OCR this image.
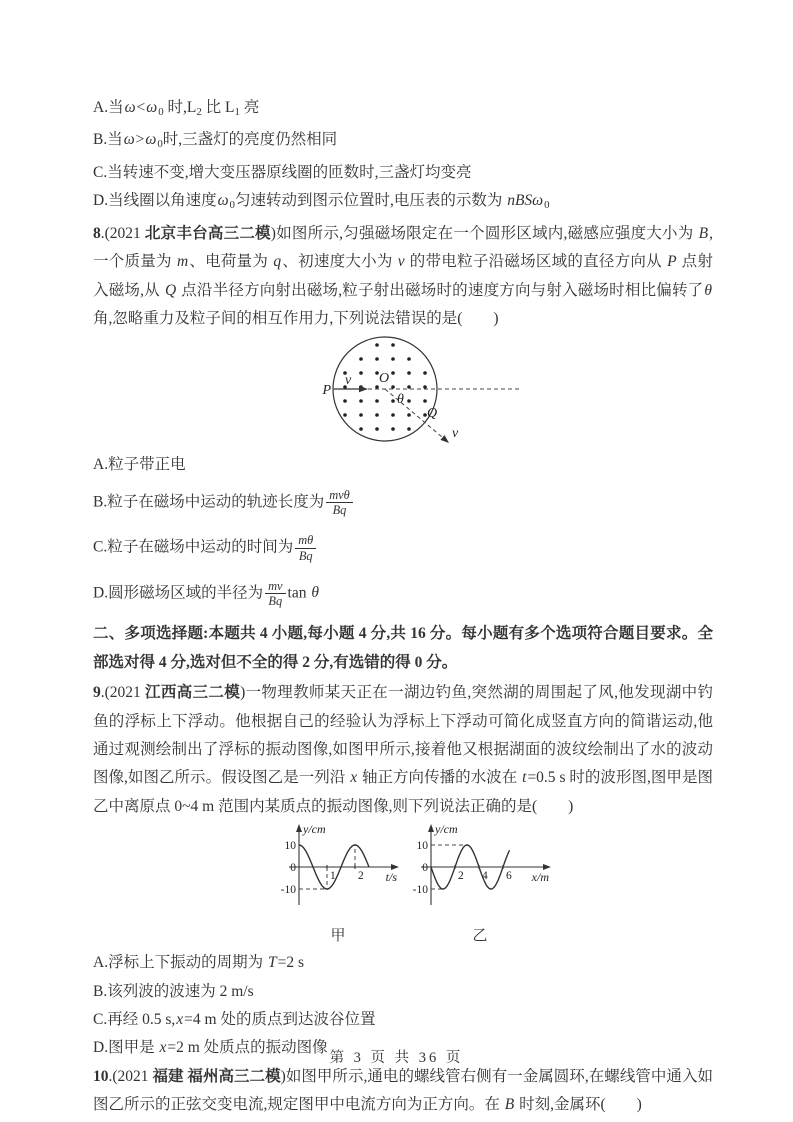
A.当$\omega<\omega_0$ 时$,L_2$ 比 $L_1$ 亮

B.当$\omega>\omega_0$时,三盏灯的亮度仍然相同

C.当转速不变,增大变压器原线圈的匝数时,三盏灯均变亮

D.当线圈以角速度$\omega_0$匀速转动到图示位置时,电压表的示数为 nBSω$_0$

8.(2021 北京丰台高三二模)如图所示,匀强磁场限定在一个圆形区域内,磁感应强度大小为 B,一个质量为 m、电荷量为 q、初速度大小为 v 的带电粒子沿磁场区域的直径方向从 P 点射入磁场,从 Q 点沿半径方向射出磁场,粒子射出磁场时的速度方向与射入磁场时相比偏转了θ角,忽略重力及粒子间的相互作用力,下列说法错误的是(　　)

P
v O
θ
Q
v

A.粒子带正电

B.粒子在磁场中运动的轨迹长度为 $\frac{\text{mvθ}}{Bq}$

C.粒子在磁场中运动的时间为 $\frac{m\theta}{Bq}$

D.圆形磁场区域的半径为 $\frac{mv}{Bq}$ tan θ

二、多项选择题:本题共 4 小题,每小题 4 分,共 16 分。每小题有多个选项符合题目要求。全部选对得 4 分,选对但不全的得 2 分,有选错的得 0 分。

9.(2021 江西高三二模)一物理教师某天正在一湖边钓鱼,突然湖的周围起了风,他发现湖中钓鱼的浮标上下浮动。他根据自己的经验认为浮标上下浮动可简化成竖直方向的简谐运动,他通过观测绘制出了浮标的振动图像,如图甲所示,接着他又根据湖面的波纹绘制出了水的波动图像,如图乙所示。假设图乙是一列沿 x 轴正方向传播的水波在 t=0.5 s 时的波形图,图甲是图乙中离原点 0~4 m 范围内某质点的振动图像,则下列说法正确的是(　　)

1 2
10
-10
0
y/cm
t/s
甲
2 4 6
10
-10
0
y/cm
x/m
乙

A.浮标上下振动的周期为 T=2 s

B.该列波的波速为 2 m/s

C.再经 0.5 s,x=4 m 处的质点到达波谷位置

D.图甲是 x=2 m 处质点的振动图像

10.(2021 福建 福州高三二模)如图甲所示,通电的螺线管右侧有一金属圆环,在螺线管中通入如图乙所示的正弦交变电流,规定图甲中电流方向为正方向。在 B 时刻,金属环(　　)

第 3 页 共 36 页
